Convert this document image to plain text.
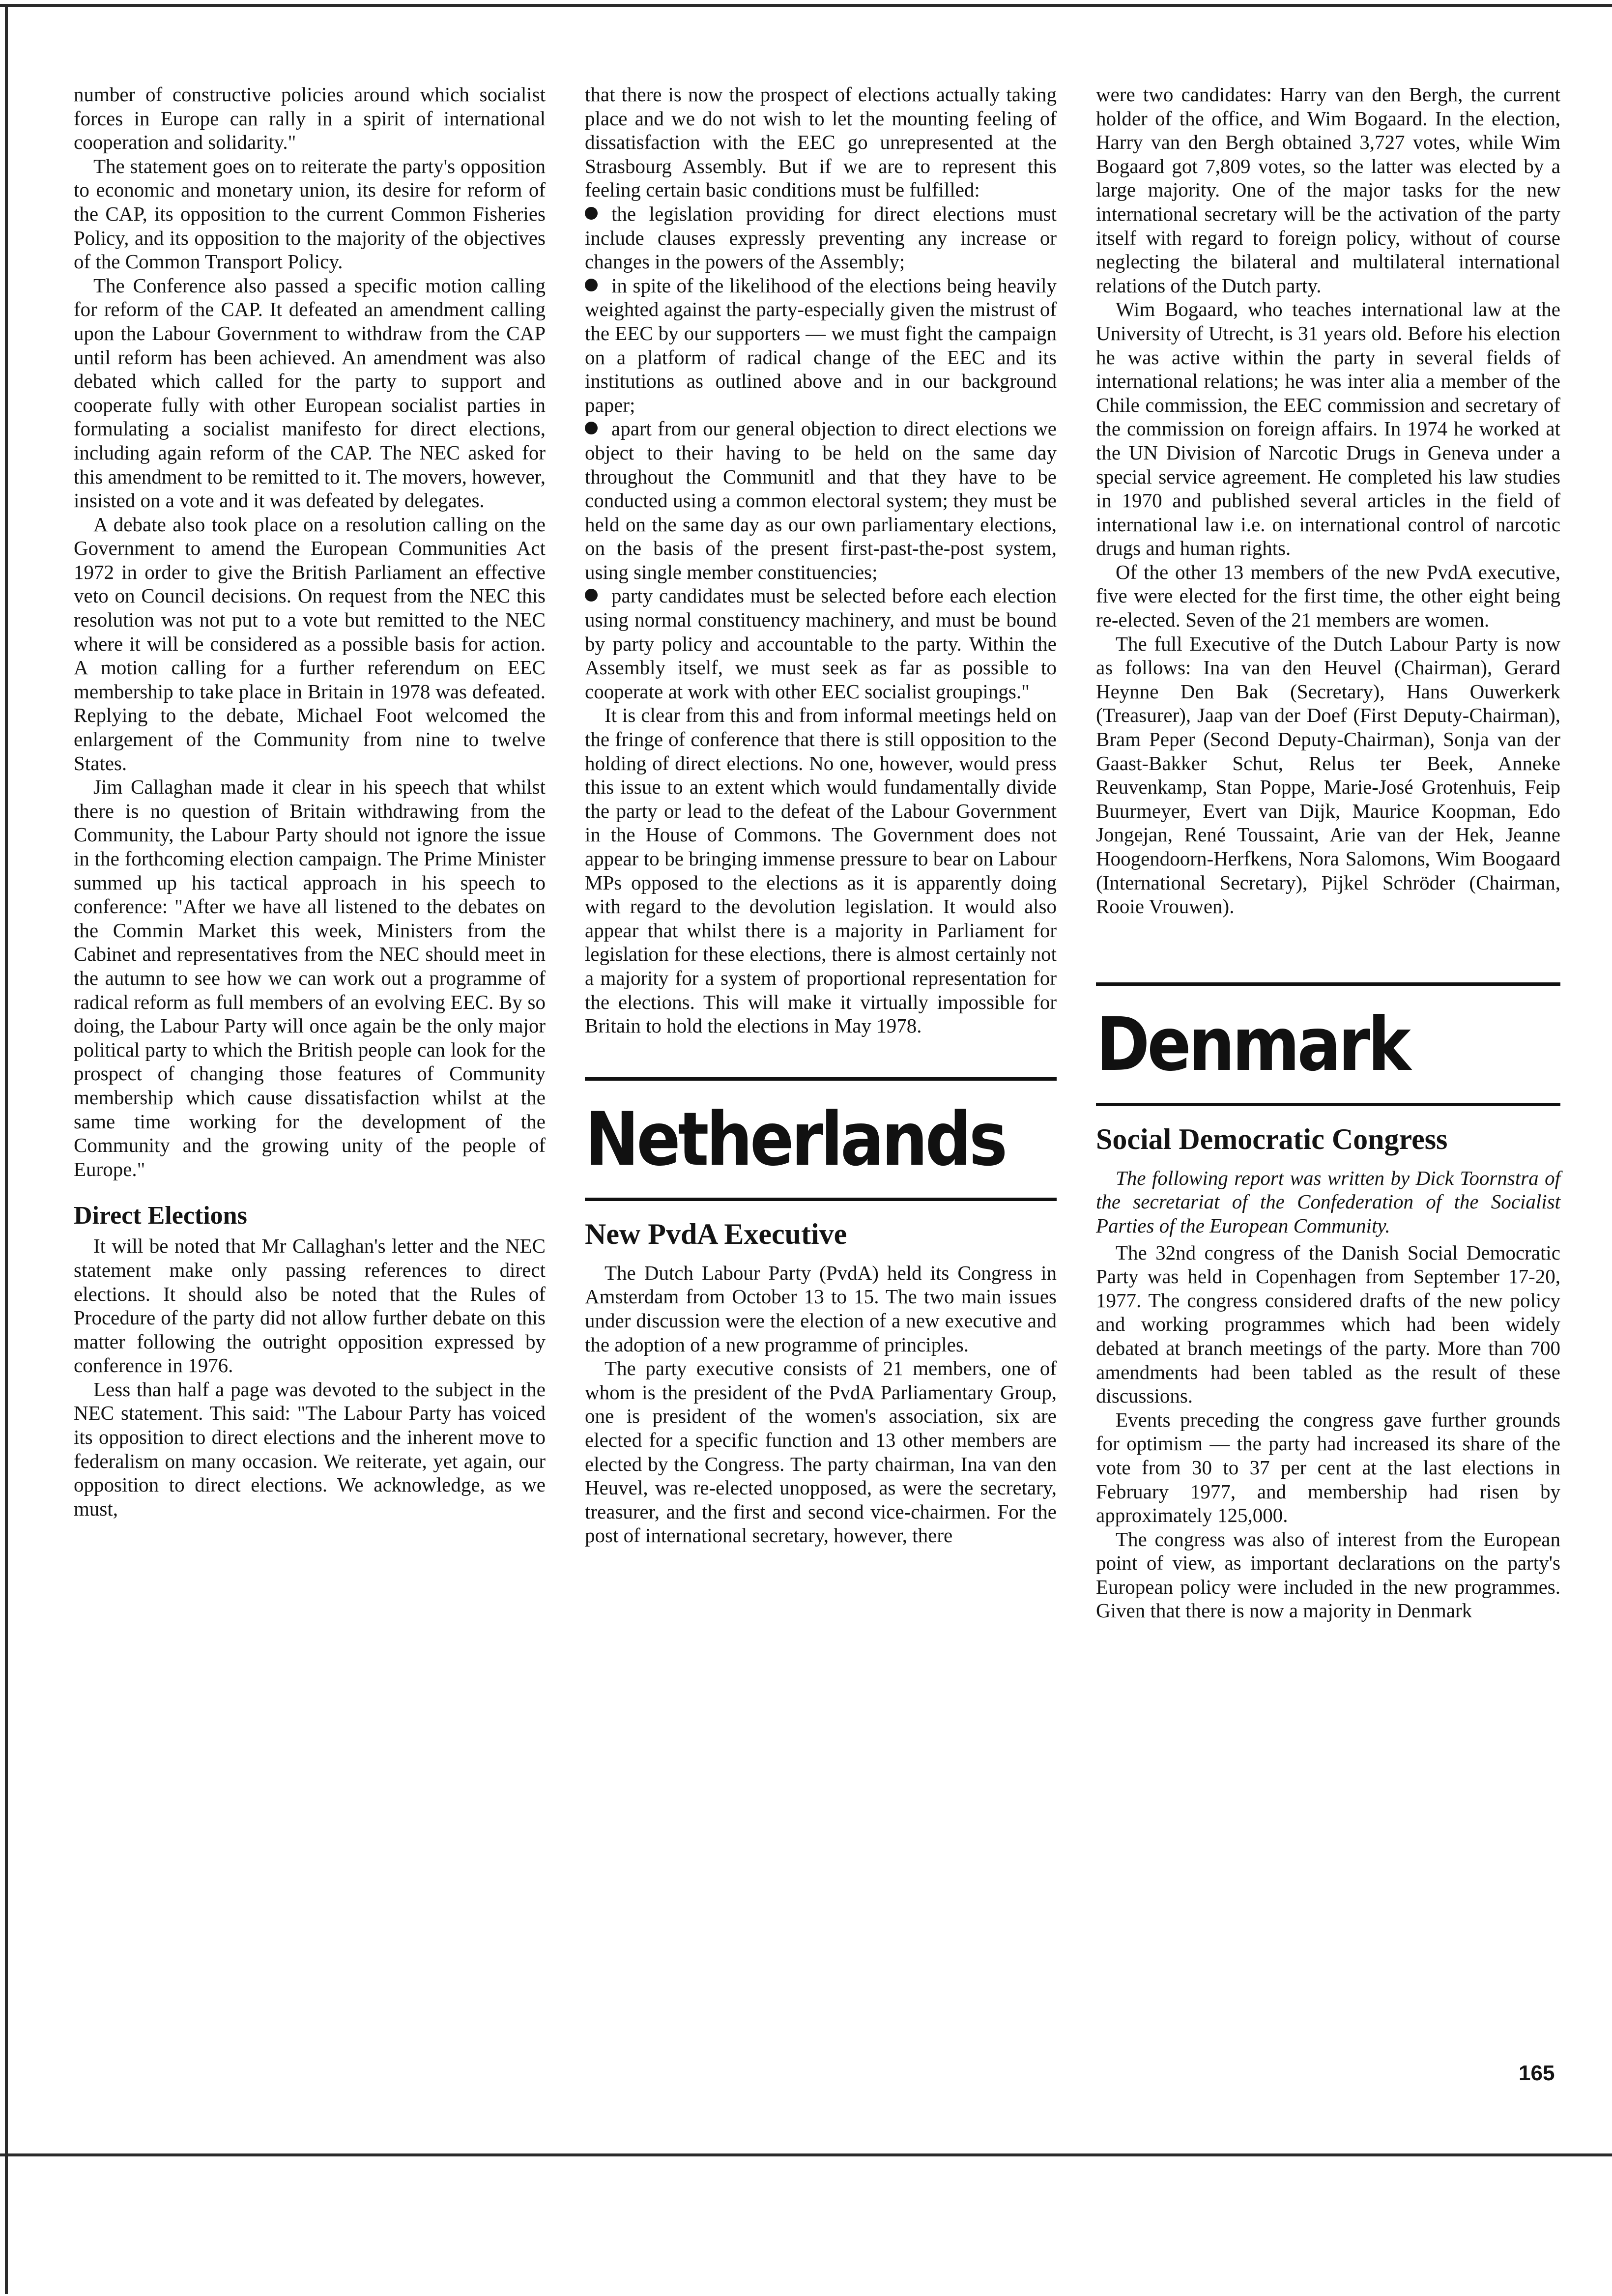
number of constructive policies around which socialist forces in Europe can rally in a spirit of international cooperation and solidarity."

The statement goes on to reiterate the party's opposition to economic and monetary union, its desire for reform of the CAP, its opposition to the current Common Fisheries Policy, and its opposition to the majority of the objectives of the Common Transport Policy.

The Conference also passed a specific motion calling for reform of the CAP. It defeated an amendment calling upon the Labour Government to withdraw from the CAP until reform has been achieved. An amendment was also debated which called for the party to support and cooperate fully with other European socialist parties in formulating a socialist manifesto for direct elections, including again reform of the CAP. The NEC asked for this amendment to be remitted to it. The movers, however, insisted on a vote and it was defeated by delegates.

A debate also took place on a resolution calling on the Government to amend the European Communities Act 1972 in order to give the British Parliament an effective veto on Council decisions. On request from the NEC this resolution was not put to a vote but remitted to the NEC where it will be considered as a possible basis for action. A motion calling for a further referendum on EEC membership to take place in Britain in 1978 was defeated. Replying to the debate, Michael Foot welcomed the enlargement of the Community from nine to twelve States.

Jim Callaghan made it clear in his speech that whilst there is no question of Britain withdrawing from the Community, the Labour Party should not ignore the issue in the forthcoming election campaign. The Prime Minister summed up his tactical approach in his speech to conference: "After we have all listened to the debates on the Commin Market this week, Ministers from the Cabinet and representatives from the NEC should meet in the autumn to see how we can work out a programme of radical reform as full members of an evolving EEC. By so doing, the Labour Party will once again be the only major political party to which the British people can look for the prospect of changing those features of Community membership which cause dissatisfaction whilst at the same time working for the development of the Community and the growing unity of the people of Europe."

Direct Elections

It will be noted that Mr Callaghan's letter and the NEC statement make only passing references to direct elections. It should also be noted that the Rules of Procedure of the party did not allow further debate on this matter following the outright opposition expressed by conference in 1976.

Less than half a page was devoted to the subject in the NEC statement. This said: "The Labour Party has voiced its opposition to direct elections and the inherent move to federalism on many occasion. We reiterate, yet again, our opposition to direct elections. We acknowledge, as we must,

that there is now the prospect of elections actually taking place and we do not wish to let the mounting feeling of dissatisfaction with the EEC go unrepresented at the Strasbourg Assembly. But if we are to represent this feeling certain basic conditions must be fulfilled:

the legislation providing for direct elections must include clauses expressly preventing any increase or changes in the powers of the Assembly;

in spite of the likelihood of the elections being heavily weighted against the party-especially given the mistrust of the EEC by our supporters — we must fight the campaign on a platform of radical change of the EEC and its institutions as outlined above and in our background paper;

apart from our general objection to direct elections we object to their having to be held on the same day throughout the Communitl and that they have to be conducted using a common electoral system; they must be held on the same day as our own parliamentary elections, on the basis of the present first-past-the-post system, using single member constituencies;

party candidates must be selected before each election using normal constituency machinery, and must be bound by party policy and accountable to the party. Within the Assembly itself, we must seek as far as possible to cooperate at work with other EEC socialist groupings."

It is clear from this and from informal meetings held on the fringe of conference that there is still opposition to the holding of direct elections. No one, however, would press this issue to an extent which would fundamentally divide the party or lead to the defeat of the Labour Government in the House of Commons. The Government does not appear to be bringing immense pressure to bear on Labour MPs opposed to the elections as it is apparently doing with regard to the devolution legislation. It would also appear that whilst there is a majority in Parliament for legislation for these elections, there is almost certainly not a majority for a system of proportional representation for the elections. This will make it virtually impossible for Britain to hold the elections in May 1978.

Netherlands
New PvdA Executive

The Dutch Labour Party (PvdA) held its Congress in Amsterdam from October 13 to 15. The two main issues under discussion were the election of a new executive and the adoption of a new programme of principles.

The party executive consists of 21 members, one of whom is the president of the PvdA Parliamentary Group, one is president of the women's association, six are elected for a specific function and 13 other members are elected by the Congress. The party chairman, Ina van den Heuvel, was re-elected unopposed, as were the secretary, treasurer, and the first and second vice-chairmen. For the post of international secretary, however, there

were two candidates: Harry van den Bergh, the current holder of the office, and Wim Bogaard. In the election, Harry van den Bergh obtained 3,727 votes, while Wim Bogaard got 7,809 votes, so the latter was elected by a large majority. One of the major tasks for the new international secretary will be the activation of the party itself with regard to foreign policy, without of course neglecting the bilateral and multilateral international relations of the Dutch party.

Wim Bogaard, who teaches international law at the University of Utrecht, is 31 years old. Before his election he was active within the party in several fields of international relations; he was inter alia a member of the Chile commission, the EEC commission and secretary of the commission on foreign affairs. In 1974 he worked at the UN Division of Narcotic Drugs in Geneva under a special service agreement. He completed his law studies in 1970 and published several articles in the field of international law i.e. on international control of narcotic drugs and human rights.

Of the other 13 members of the new PvdA executive, five were elected for the first time, the other eight being re-elected. Seven of the 21 members are women.

The full Executive of the Dutch Labour Party is now as follows: Ina van den Heuvel (Chairman), Gerard Heynne Den Bak (Secretary), Hans Ouwerkerk (Treasurer), Jaap van der Doef (First Deputy-Chairman), Bram Peper (Second Deputy-Chairman), Sonja van der Gaast-Bakker Schut, Relus ter Beek, Anneke Reuvenkamp, Stan Poppe, Marie-José Grotenhuis, Feip Buurmeyer, Evert van Dijk, Maurice Koopman, Edo Jongejan, René Toussaint, Arie van der Hek, Jeanne Hoogendoorn-Herfkens, Nora Salomons, Wim Boogaard (International Secretary), Pijkel Schröder (Chairman, Rooie Vrouwen).

Denmark
Social Democratic Congress

The following report was written by Dick Toornstra of the secretariat of the Confederation of the Socialist Parties of the European Community.

The 32nd congress of the Danish Social Democratic Party was held in Copenhagen from September 17-20, 1977. The congress considered drafts of the new policy and working programmes which had been widely debated at branch meetings of the party. More than 700 amendments had been tabled as the result of these discussions.

Events preceding the congress gave further grounds for optimism — the party had increased its share of the vote from 30 to 37 per cent at the last elections in February 1977, and membership had risen by approximately 125,000.

The congress was also of interest from the European point of view, as important declarations on the party's European policy were included in the new programmes. Given that there is now a majority in Denmark

165
